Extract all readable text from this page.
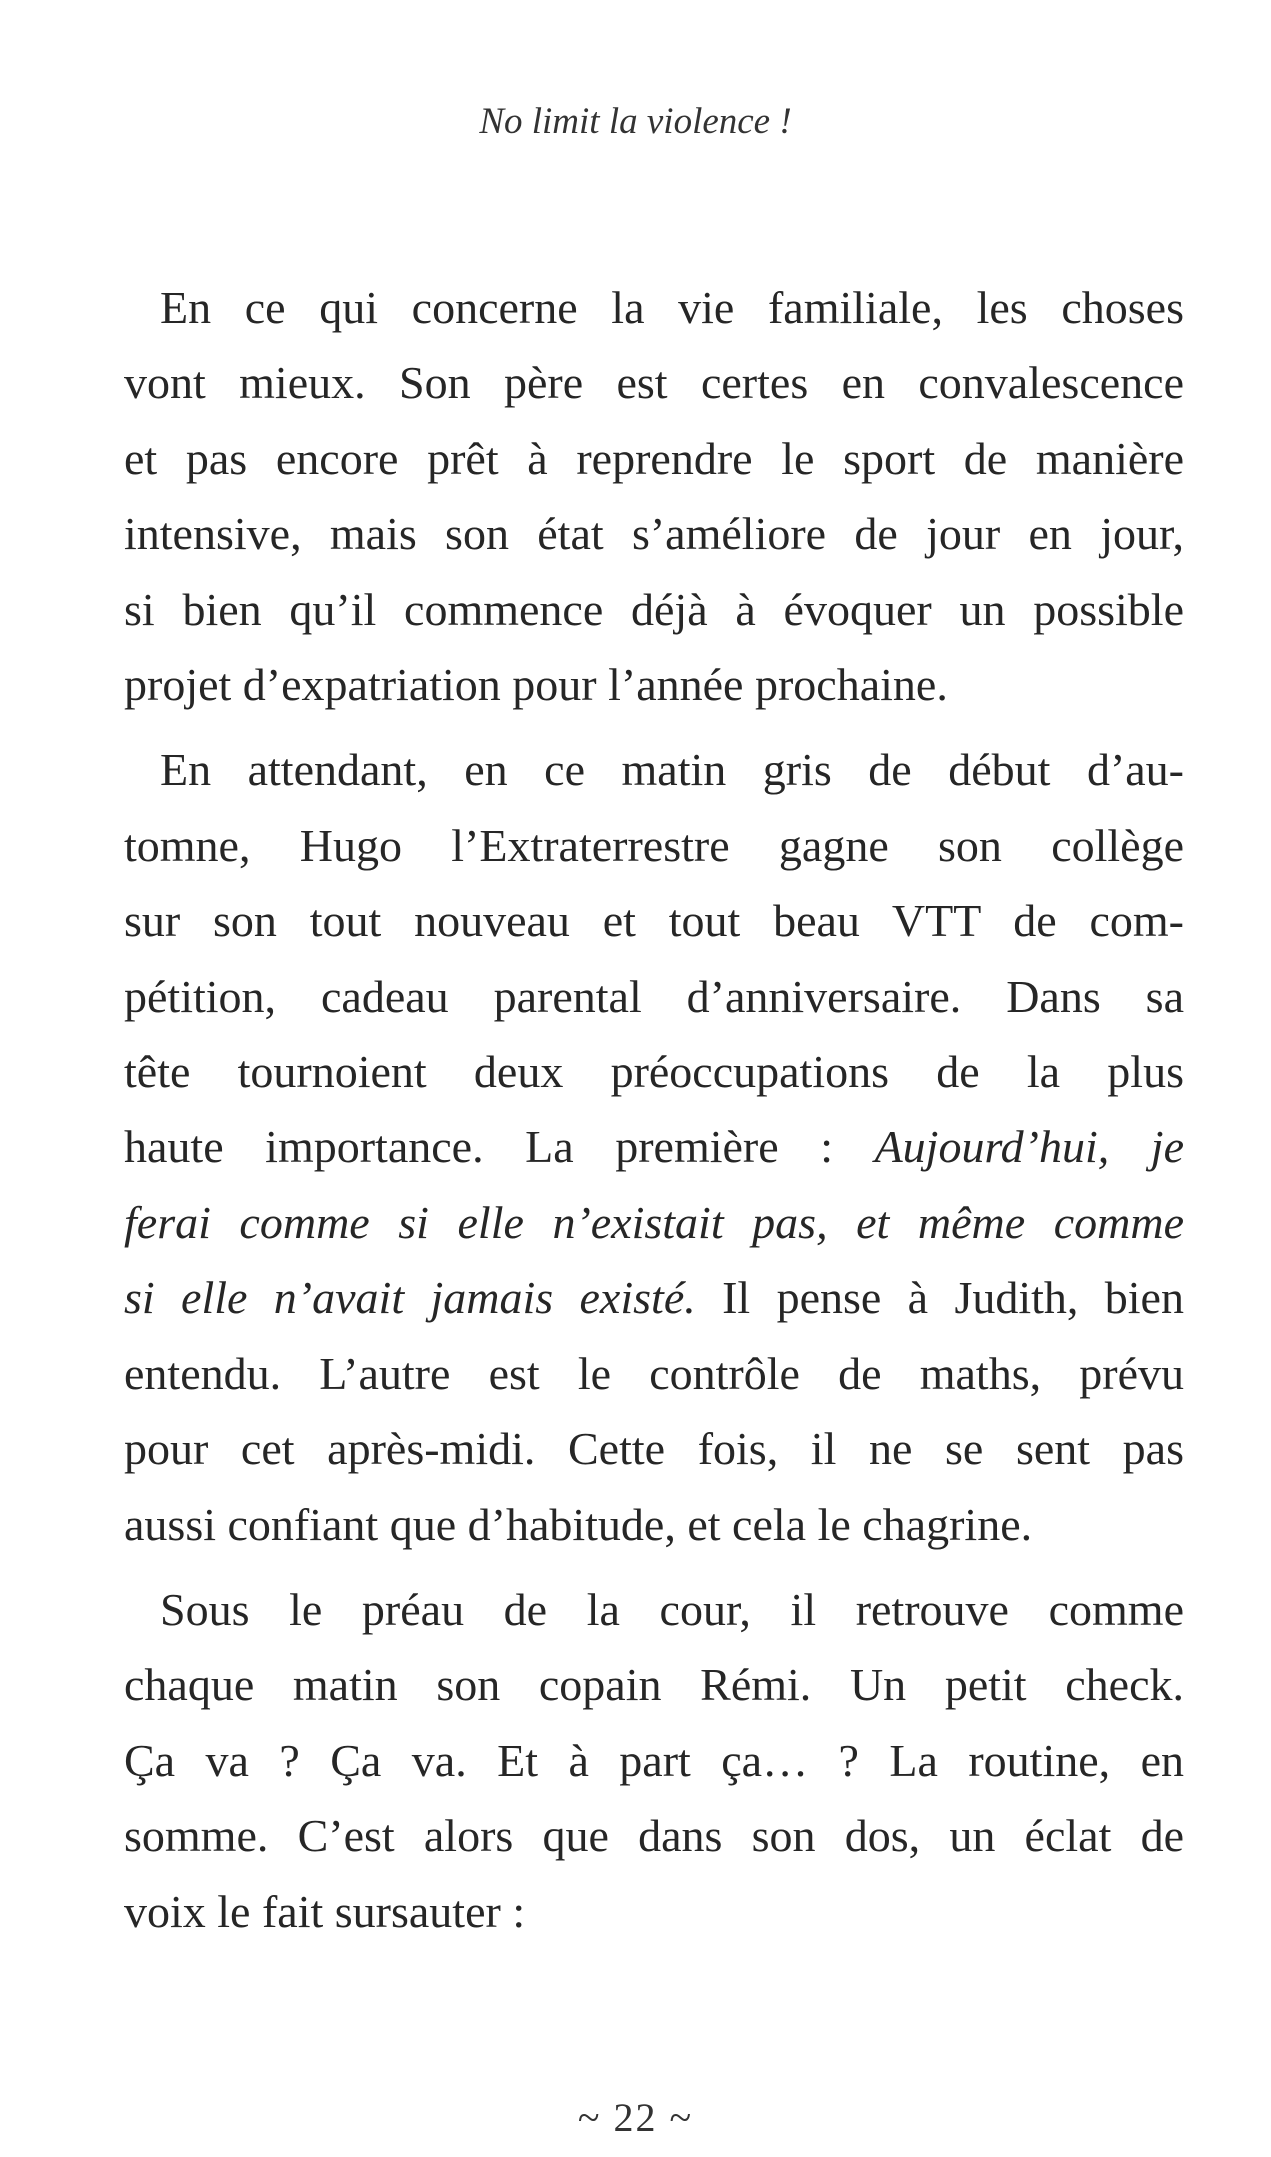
No limit la violence !

En ce qui concerne la vie familiale, les choses

vont mieux. Son père est certes en convalescence

et pas encore prêt à reprendre le sport de manière

intensive, mais son état s’améliore de jour en jour,

si bien qu’il commence déjà à évoquer un possible

projet d’expatriation pour l’année prochaine.

En attendant, en ce matin gris de début d’au-

tomne, Hugo l’Extraterrestre gagne son collège

sur son tout nouveau et tout beau VTT de com-

pétition, cadeau parental d’anniversaire. Dans sa

tête tournoient deux préoccupations de la plus

haute importance. La première : Aujourd’hui, je

ferai comme si elle n’existait pas, et même comme

si elle n’avait jamais existé. Il pense à Judith, bien

entendu. L’autre est le contrôle de maths, prévu

pour cet après-midi. Cette fois, il ne se sent pas

aussi confiant que d’habitude, et cela le chagrine.

Sous le préau de la cour, il retrouve comme

chaque matin son copain Rémi. Un petit check.

Ça va ? Ça va. Et à part ça… ? La routine, en

somme. C’est alors que dans son dos, un éclat de

voix le fait sursauter :

~ 22 ~
